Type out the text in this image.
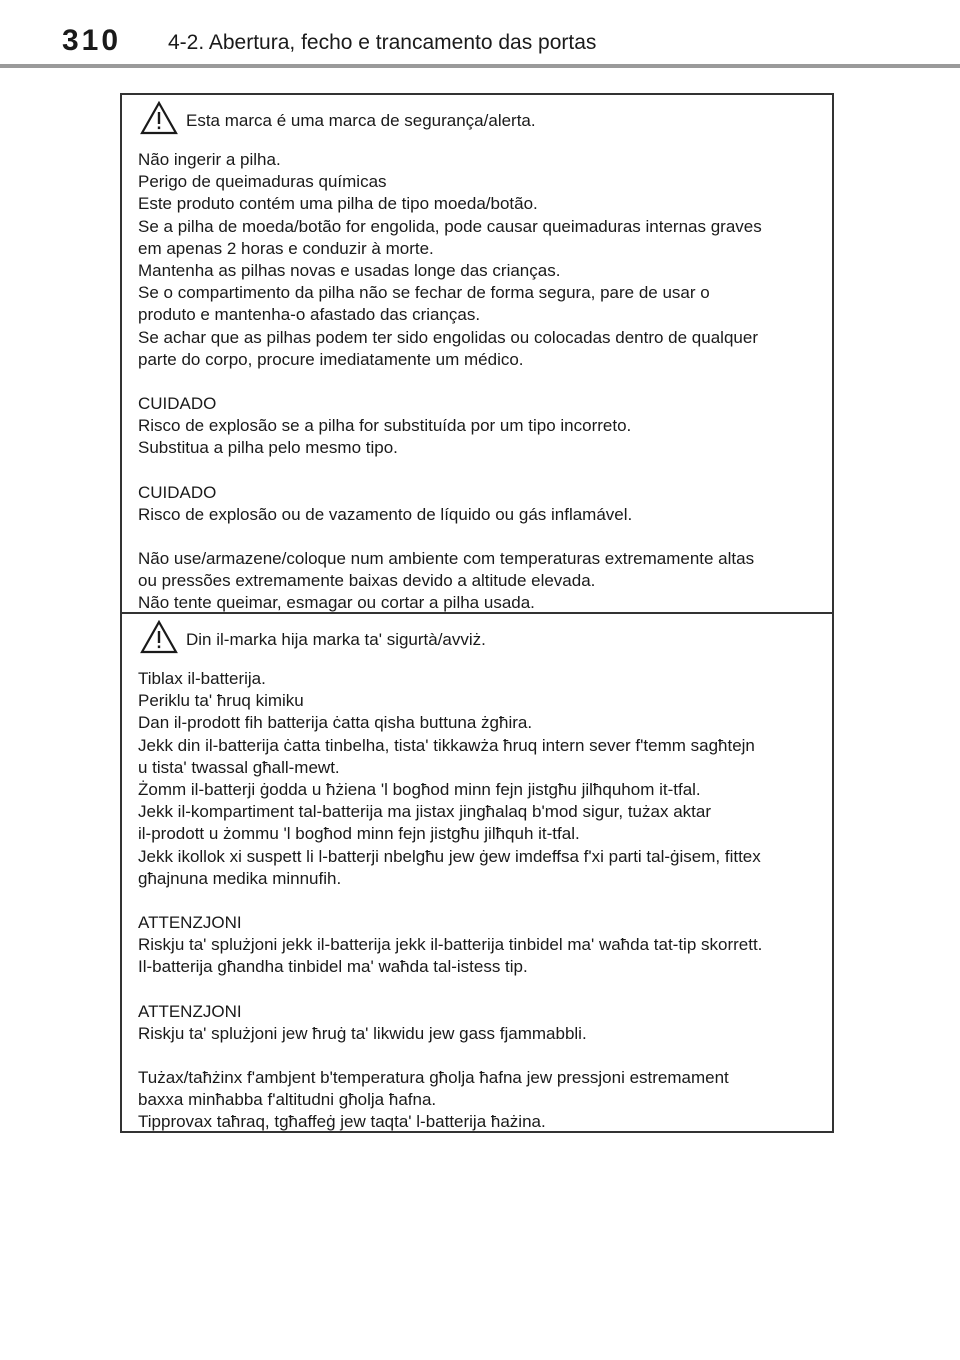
310 4-2. Abertura, fecho e trancamento das portas
Esta marca é uma marca de segurança/alerta.

Não ingerir a pilha.

Perigo de queimaduras químicas

Este produto contém uma pilha de tipo moeda/botão.

Se a pilha de moeda/botão for engolida, pode causar queimaduras internas graves

em apenas 2 horas e conduzir à morte.

Mantenha as pilhas novas e usadas longe das crianças.

Se o compartimento da pilha não se fechar de forma segura, pare de usar o

produto e mantenha-o afastado das crianças.

Se achar que as pilhas podem ter sido engolidas ou colocadas dentro de qualquer

parte do corpo, procure imediatamente um médico.

CUIDADO

Risco de explosão se a pilha for substituída por um tipo incorreto.

Substitua a pilha pelo mesmo tipo.

CUIDADO

Risco de explosão ou de vazamento de líquido ou gás inflamável.

Não use/armazene/coloque num ambiente com temperaturas extremamente altas

ou pressões extremamente baixas devido a altitude elevada.

Não tente queimar, esmagar ou cortar a pilha usada.

Din il-marka hija marka ta' sigurtà/avviż.

Tiblax il-batterija.

Periklu ta' ħruq kimiku

Dan il-prodott fih batterija ċatta qisha buttuna żgħira.

Jekk din il-batterija ċatta tinbelha, tista' tikkawża ħruq intern sever f'temm sagħtejn

u tista' twassal għall-mewt.

Żomm il-batterji ġodda u ħżiena 'l bogħod minn fejn jistgħu jilħquhom it-tfal.

Jekk il-kompartiment tal-batterija ma jistax jingħalaq b'mod sigur, tużax aktar

il-prodott u żommu 'l bogħod minn fejn jistgħu jilħquh it-tfal.

Jekk ikollok xi suspett li l-batterji nbelgħu jew ġew imdeffsa f'xi parti tal-ġisem, fittex

għajnuna medika minnufih.

ATTENZJONI

Riskju ta' splużjoni jekk il-batterija jekk il-batterija tinbidel ma' waħda tat-tip skorrett.

Il-batterija għandha tinbidel ma' waħda tal-istess tip.

ATTENZJONI

Riskju ta' splużjoni jew ħruġ ta' likwidu jew gass fjammabbli.

Tużax/taħżinx f'ambjent b'temperatura għolja ħafna jew pressjoni estremament

baxxa minħabba f'altitudni għolja ħafna.

Tipprovax taħraq, tgħaffeġ jew taqta' l-batterija ħażina.
